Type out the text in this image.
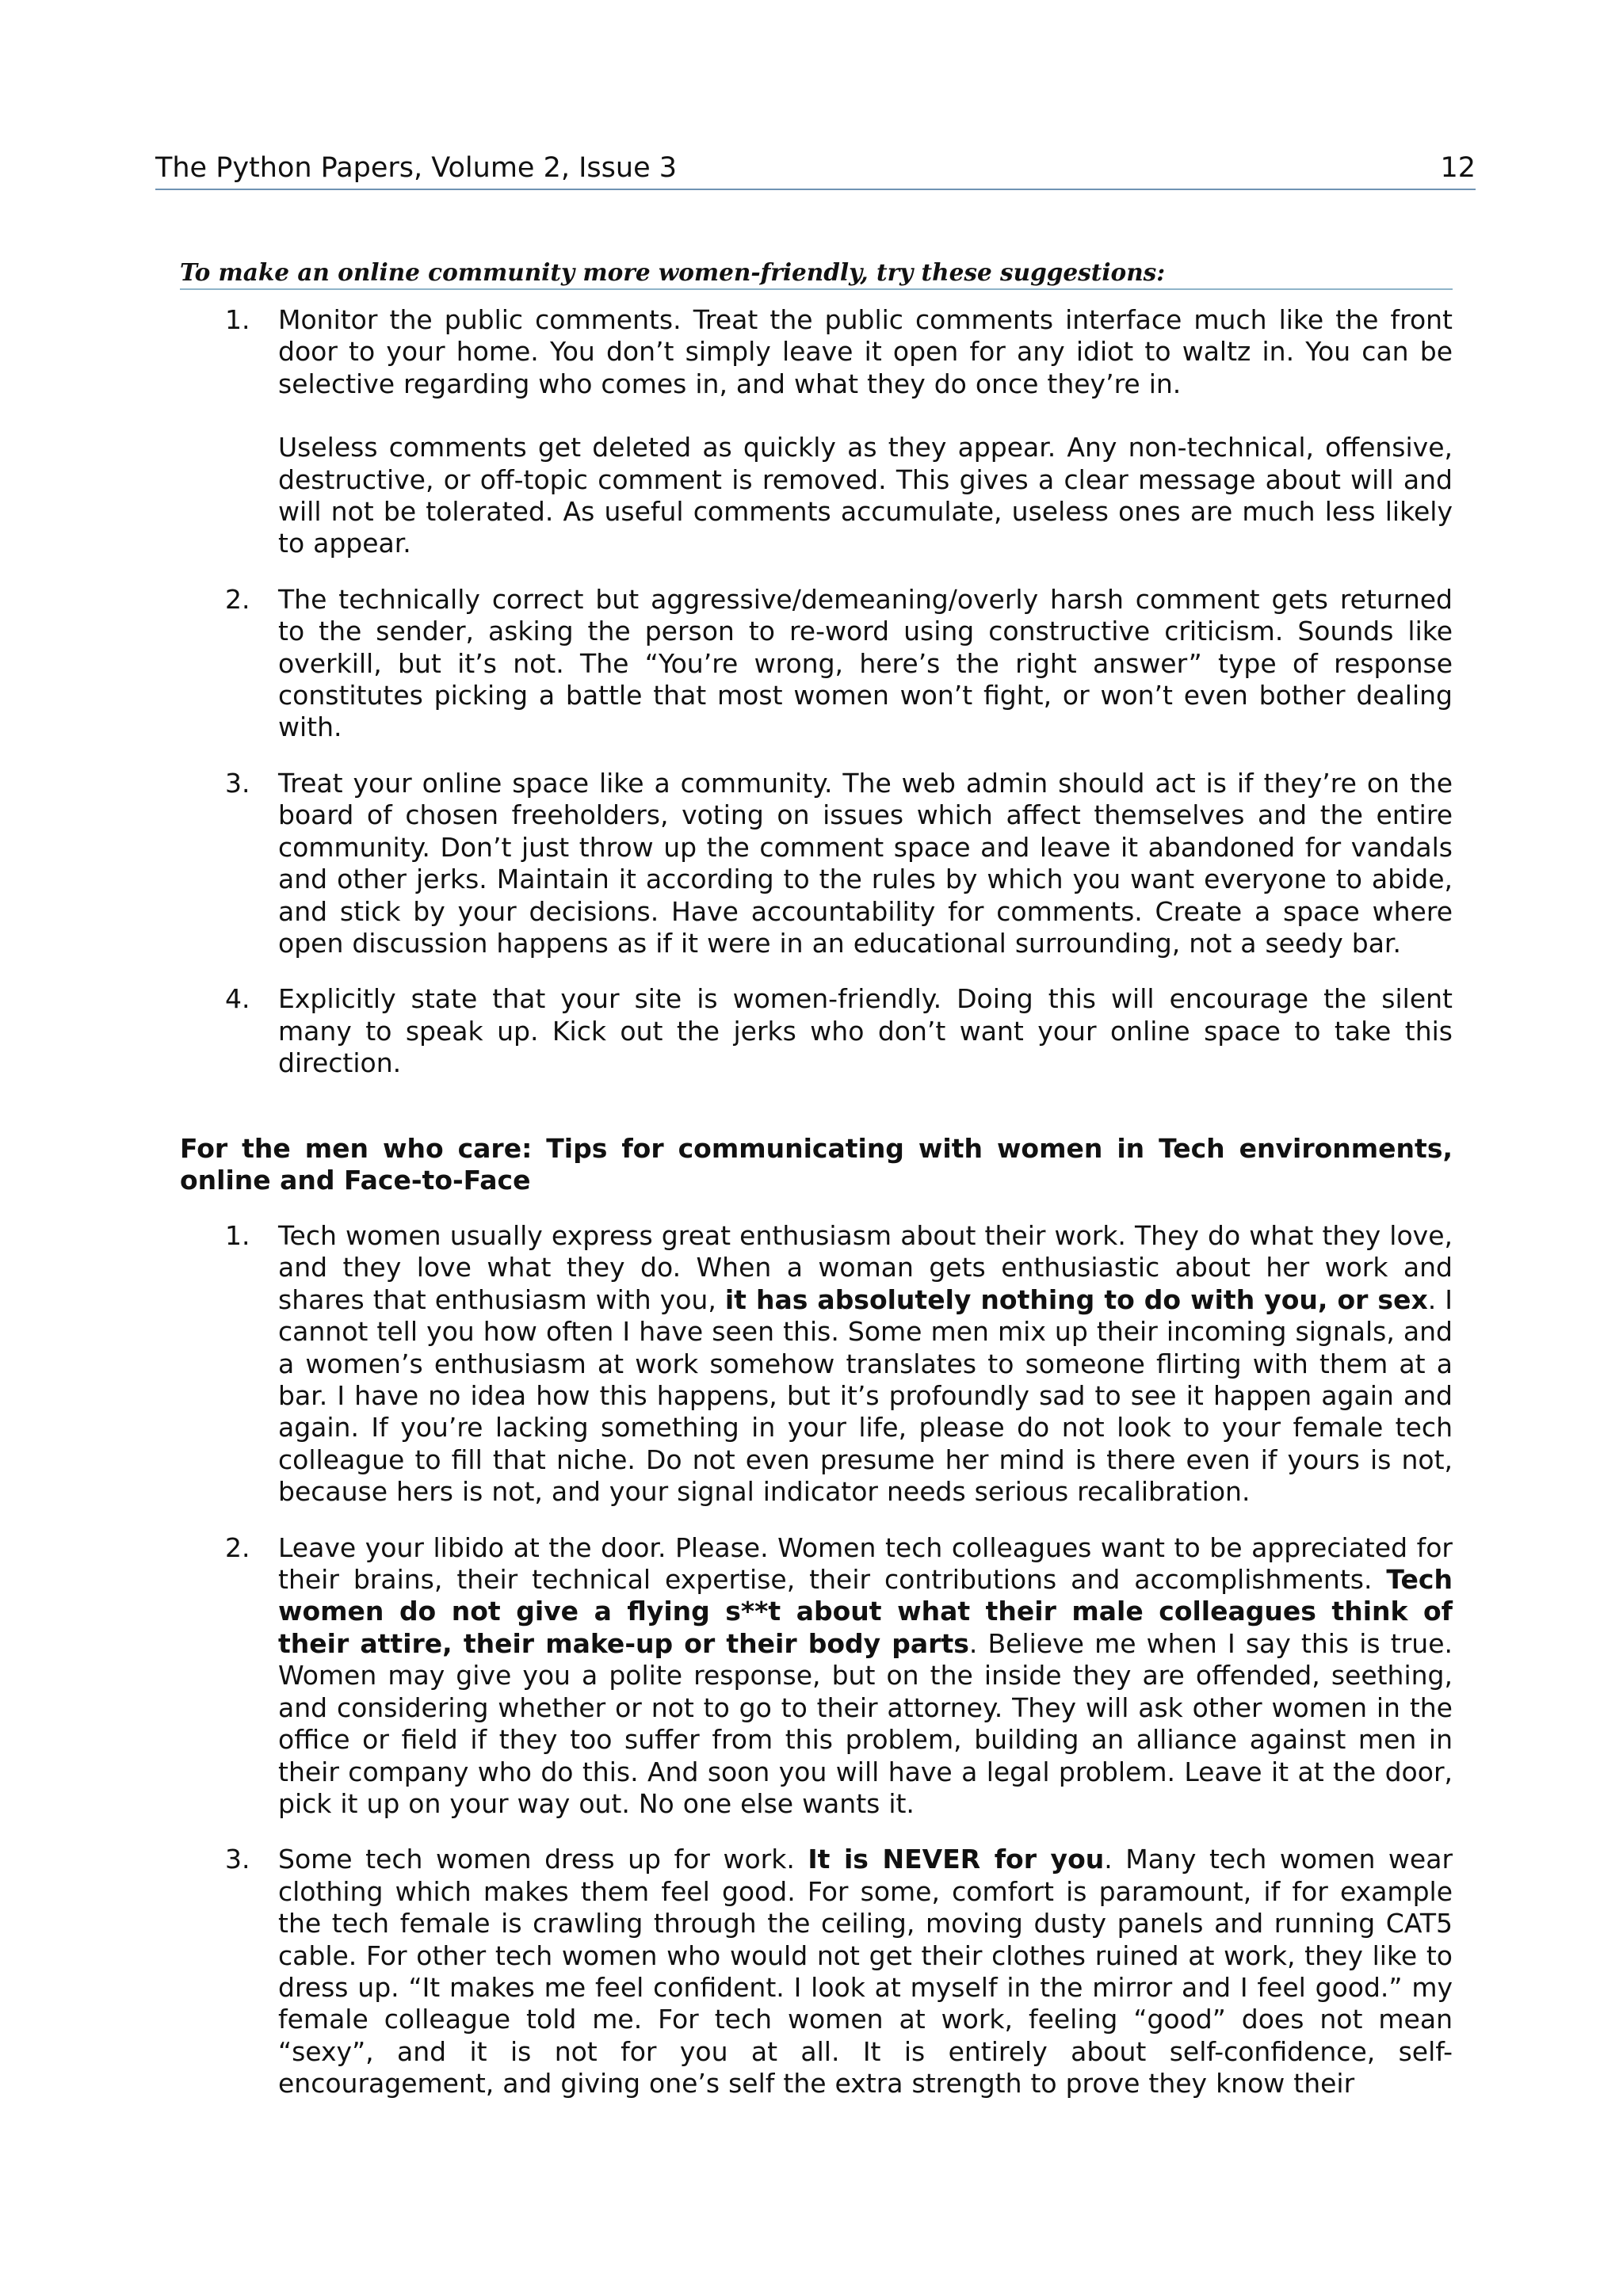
The Python Papers, Volume 2, Issue 3	12
To make an online community more women-friendly, try these suggestions:
1. Monitor the public comments. Treat the public comments interface much like the front door to your home. You don’t simply leave it open for any idiot to waltz in. You can be selective regarding who comes in, and what they do once they’re in.

Useless comments get deleted as quickly as they appear. Any non-technical, offensive, destructive, or off-topic comment is removed. This gives a clear message about will and will not be tolerated. As useful comments accumulate, useless ones are much less likely to appear.

2. The technically correct but aggressive/demeaning/overly harsh comment gets returned to the sender, asking the person to re-word using constructive criticism. Sounds like overkill, but it’s not. The “You’re wrong, here’s the right answer” type of response constitutes picking a battle that most women won’t fight, or won’t even bother dealing with.

3. Treat your online space like a community. The web admin should act is if they’re on the board of chosen freeholders, voting on issues which affect themselves and the entire community. Don’t just throw up the comment space and leave it abandoned for vandals and other jerks. Maintain it according to the rules by which you want everyone to abide, and stick by your decisions. Have accountability for comments. Create a space where open discussion happens as if it were in an educational surrounding, not a seedy bar.

4. Explicitly state that your site is women-friendly. Doing this will encourage the silent many to speak up. Kick out the jerks who don’t want your online space to take this direction.

For the men who care: Tips for communicating with women in Tech environments, online and Face-to-Face
1. Tech women usually express great enthusiasm about their work. They do what they love, and they love what they do. When a woman gets enthusiastic about her work and shares that enthusiasm with you, it has absolutely nothing to do with you, or sex. I cannot tell you how often I have seen this. Some men mix up their incoming signals, and a women’s enthusiasm at work somehow translates to someone flirting with them at a bar. I have no idea how this happens, but it’s profoundly sad to see it happen again and again. If you’re lacking something in your life, please do not look to your female tech colleague to fill that niche. Do not even presume her mind is there even if yours is not, because hers is not, and your signal indicator needs serious recalibration.

2. Leave your libido at the door. Please. Women tech colleagues want to be appreciated for their brains, their technical expertise, their contributions and accomplishments. Tech women do not give a flying s**t about what their male colleagues think of their attire, their make-up or their body parts. Believe me when I say this is true. Women may give you a polite response, but on the inside they are offended, seething, and considering whether or not to go to their attorney. They will ask other women in the office or field if they too suffer from this problem, building an alliance against men in their company who do this. And soon you will have a legal problem. Leave it at the door, pick it up on your way out. No one else wants it.

3. Some tech women dress up for work. It is NEVER for you. Many tech women wear clothing which makes them feel good. For some, comfort is paramount, if for example the tech female is crawling through the ceiling, moving dusty panels and running CAT5 cable. For other tech women who would not get their clothes ruined at work, they like to dress up. “It makes me feel confident. I look at myself in the mirror and I feel good.” my female colleague told me. For tech women at work, feeling “good” does not mean “sexy”, and it is not for you at all. It is entirely about self-confidence, self-encouragement, and giving one’s self the extra strength to prove they know their
